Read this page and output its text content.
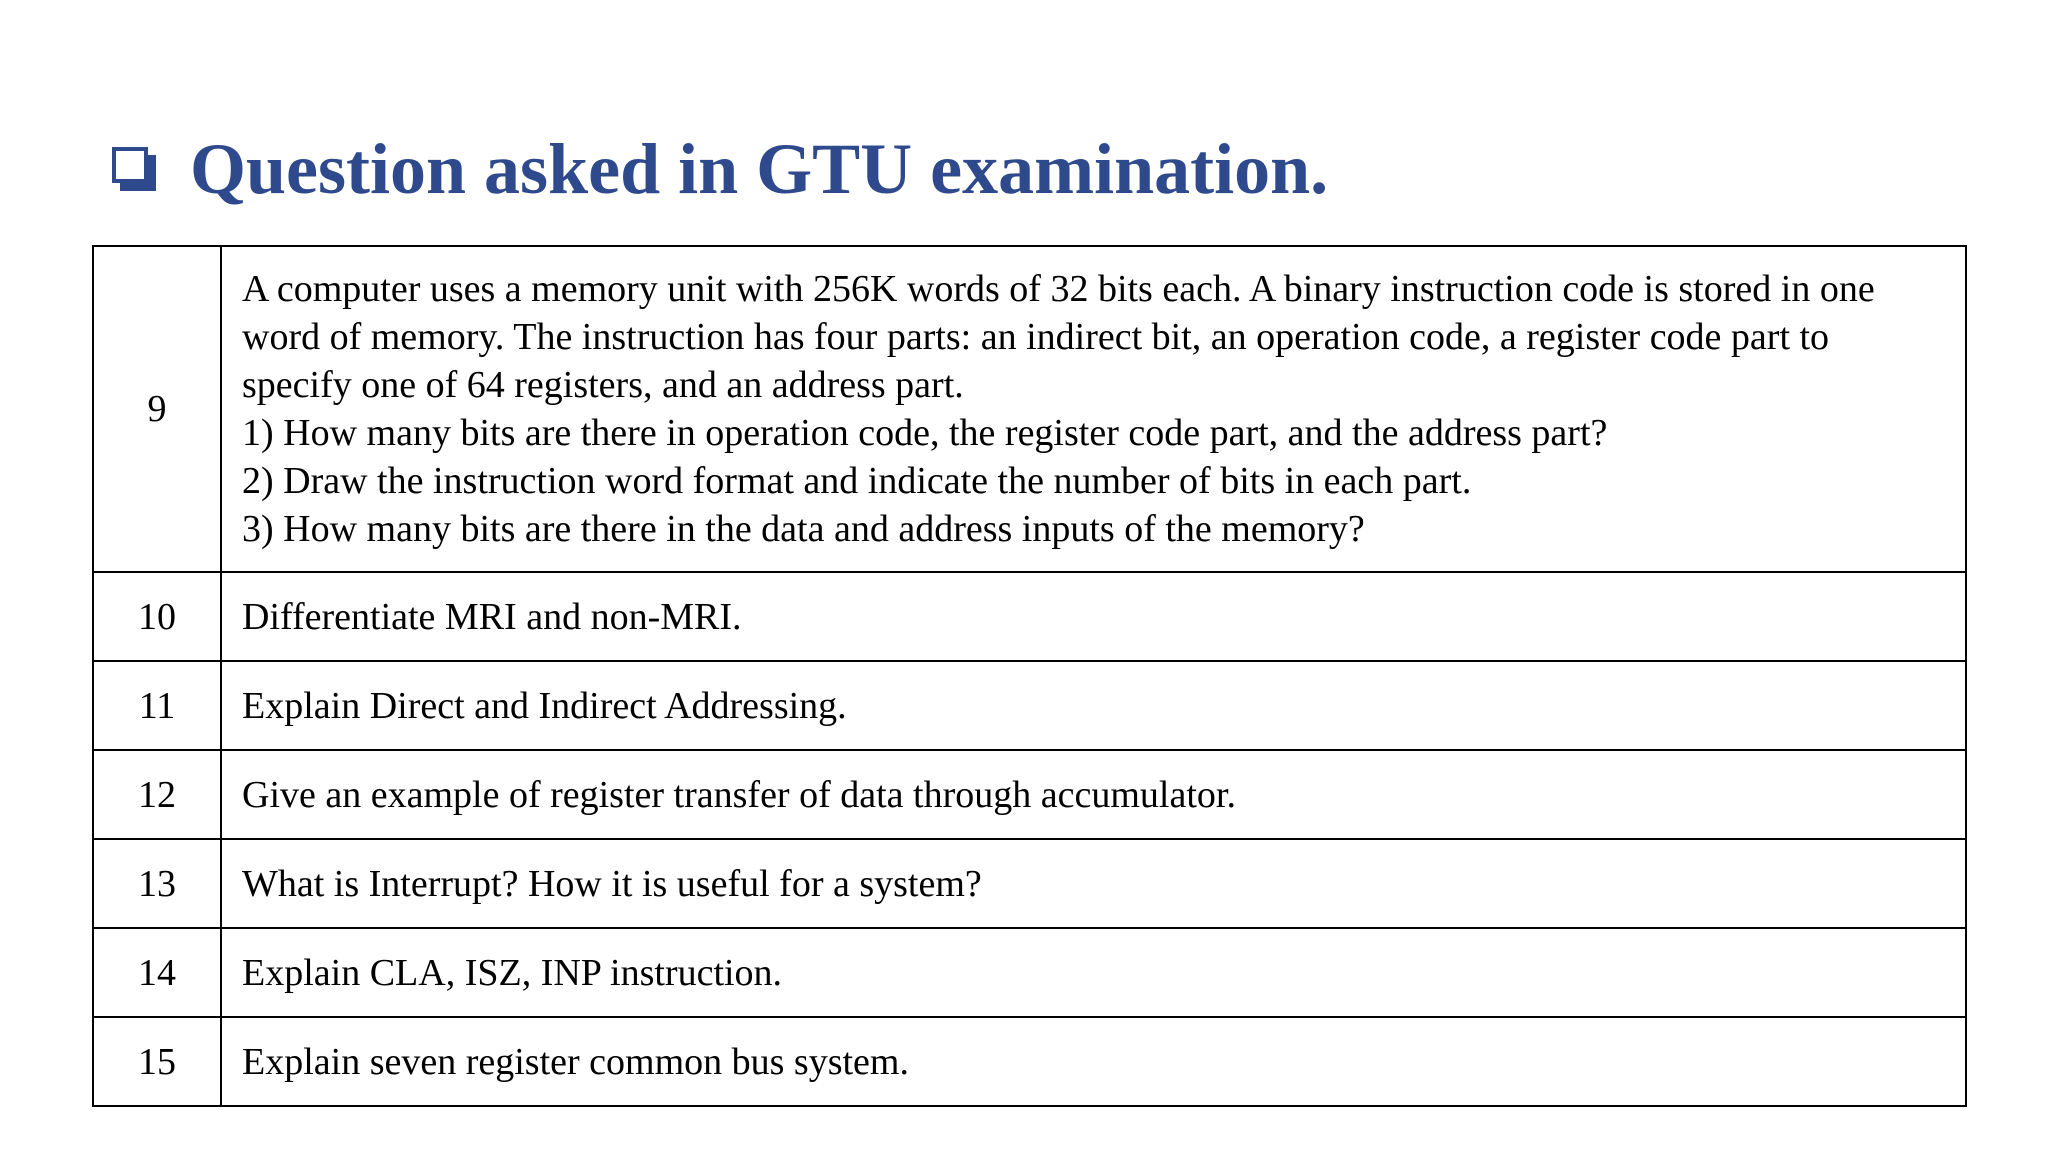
Question asked in GTU examination.
9	A computer uses a memory unit with 256K words of 32 bits each. A binary instruction code is stored in one word of memory. The instruction has four parts: an indirect bit, an operation code, a register code part to specify one of 64 registers, and an address part.
1) How many bits are there in operation code, the register code part, and the address part?
2) Draw the instruction word format and indicate the number of bits in each part.
3) How many bits are there in the data and address inputs of the memory?
10	Differentiate MRI and non-MRI.
11	Explain Direct and Indirect Addressing.
12	Give an example of register transfer of data through accumulator.
13	What is Interrupt? How it is useful for a system?
14	Explain CLA, ISZ, INP instruction.
15	Explain seven register common bus system.
